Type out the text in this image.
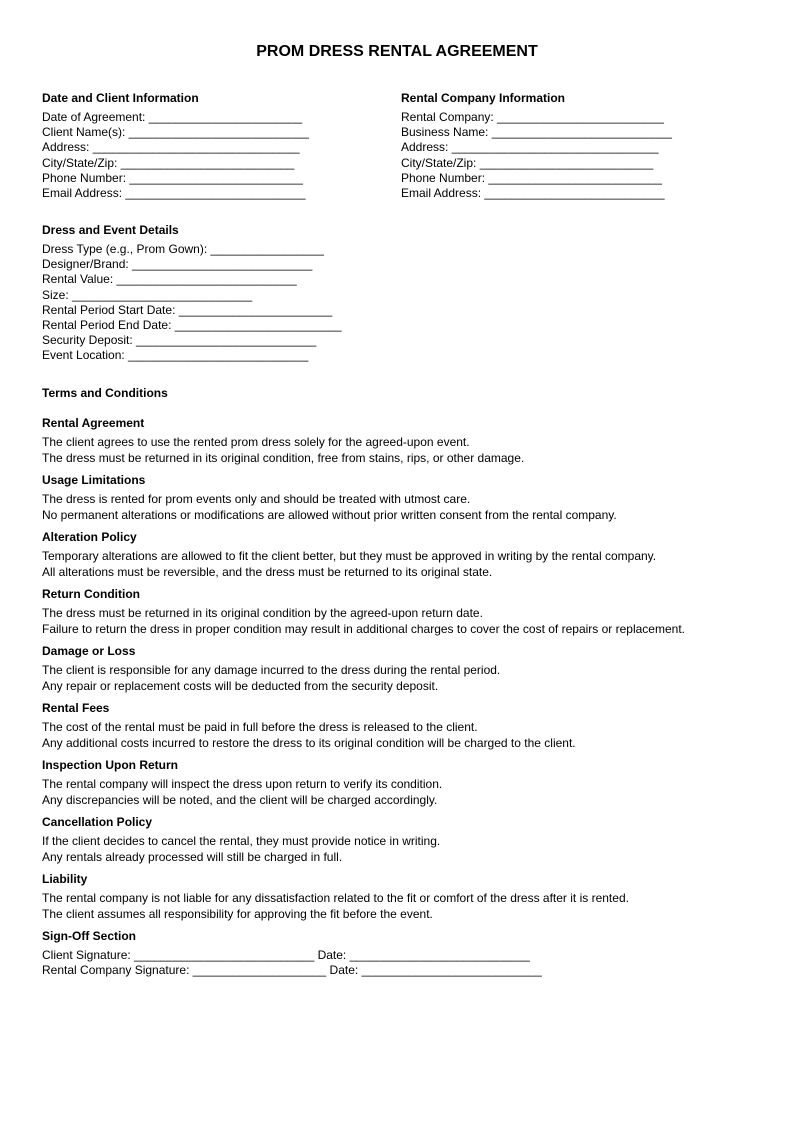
PROM DRESS RENTAL AGREEMENT
Date and Client Information
Date of Agreement: _______________________
Client Name(s): ___________________________
Address: _______________________________
City/State/Zip: __________________________
Phone Number: __________________________
Email Address: ___________________________
Rental Company Information
Rental Company: _________________________
Business Name: ___________________________
Address: _______________________________
City/State/Zip: __________________________
Phone Number: __________________________
Email Address: ___________________________
Dress and Event Details
Dress Type (e.g., Prom Gown): _________________
Designer/Brand: ___________________________
Rental Value: ___________________________
Size: ___________________________
Rental Period Start Date: _______________________
Rental Period End Date: _________________________
Security Deposit: ___________________________
Event Location: ___________________________
Terms and Conditions
Rental Agreement

The client agrees to use the rented prom dress solely for the agreed-upon event.

The dress must be returned in its original condition, free from stains, rips, or other damage.

Usage Limitations

The dress is rented for prom events only and should be treated with utmost care.

No permanent alterations or modifications are allowed without prior written consent from the rental company.

Alteration Policy

Temporary alterations are allowed to fit the client better, but they must be approved in writing by the rental company.

All alterations must be reversible, and the dress must be returned to its original state.

Return Condition

The dress must be returned in its original condition by the agreed-upon return date.

Failure to return the dress in proper condition may result in additional charges to cover the cost of repairs or replacement.

Damage or Loss

The client is responsible for any damage incurred to the dress during the rental period.

Any repair or replacement costs will be deducted from the security deposit.

Rental Fees

The cost of the rental must be paid in full before the dress is released to the client.

Any additional costs incurred to restore the dress to its original condition will be charged to the client.

Inspection Upon Return

The rental company will inspect the dress upon return to verify its condition.

Any discrepancies will be noted, and the client will be charged accordingly.

Cancellation Policy

If the client decides to cancel the rental, they must provide notice in writing.

Any rentals already processed will still be charged in full.

Liability

The rental company is not liable for any dissatisfaction related to the fit or comfort of the dress after it is rented.

The client assumes all responsibility for approving the fit before the event.

Sign-Off Section
Client Signature: ___________________________ Date: ___________________________
Rental Company Signature: ____________________ Date: ___________________________
